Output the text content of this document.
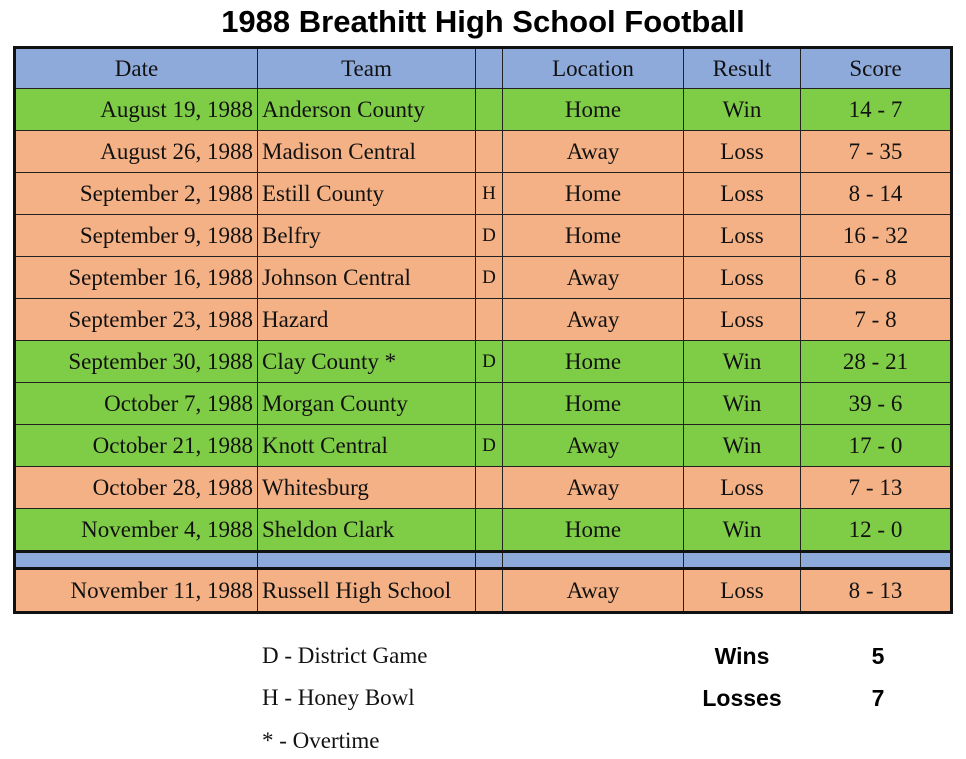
1988 Breathitt High School Football
Date	Team		Location	Result	Score
August 19, 1988	Anderson County		Home	Win	14 - 7
August 26, 1988	Madison Central		Away	Loss	7 - 35
September 2, 1988	Estill County	H	Home	Loss	8 - 14
September 9, 1988	Belfry	D	Home	Loss	16 - 32
September 16, 1988	Johnson Central	D	Away	Loss	6 - 8
September 23, 1988	Hazard		Away	Loss	7 - 8
September 30, 1988	Clay County *	D	Home	Win	28 - 21
October 7, 1988	Morgan County		Home	Win	39 - 6
October 21, 1988	Knott Central	D	Away	Win	17 - 0
October 28, 1988	Whitesburg		Away	Loss	7 - 13
November 4, 1988	Sheldon Clark		Home	Win	12 - 0

November 11, 1988	Russell High School		Away	Loss	8 - 13
D - District Game
H - Honey Bowl
* - Overtime
Wins	5
Losses	7
